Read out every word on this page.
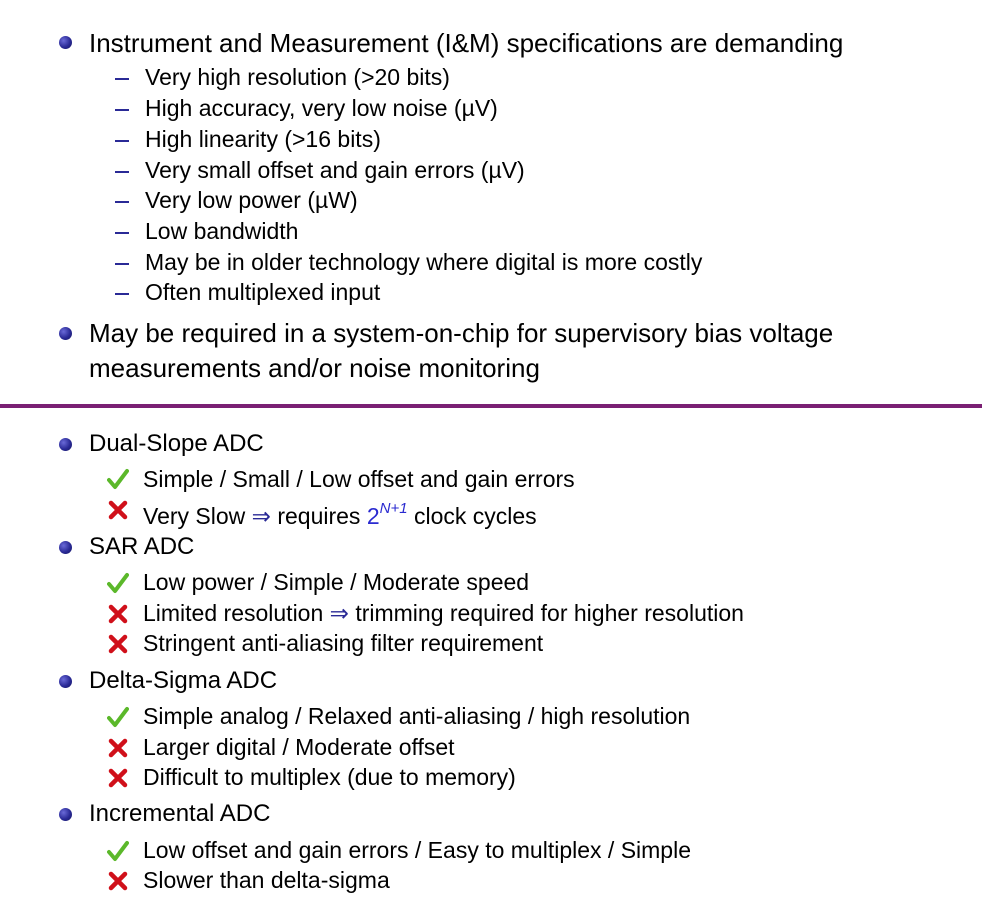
Instrument and Measurement (I&M) specifications are demanding
Very high resolution (>20 bits)
High accuracy, very low noise (µV)
High linearity (>16 bits)
Very small offset and gain errors (µV)
Very low power (µW)
Low bandwidth
May be in older technology where digital is more costly
Often multiplexed input
May be required in a system-on-chip for supervisory bias voltage
measurements and/or noise monitoring
Dual-Slope ADC
Simple / Small / Low offset and gain errors
Very Slow ⇒ requires $2^{N+1}$ clock cycles
SAR ADC
Low power / Simple / Moderate speed
Limited resolution ⇒ trimming required for higher resolution
Stringent anti-aliasing filter requirement
Delta-Sigma ADC
Simple analog / Relaxed anti-aliasing / high resolution
Larger digital / Moderate offset
Difficult to multiplex (due to memory)
Incremental ADC
Low offset and gain errors / Easy to multiplex / Simple
Slower than delta-sigma
